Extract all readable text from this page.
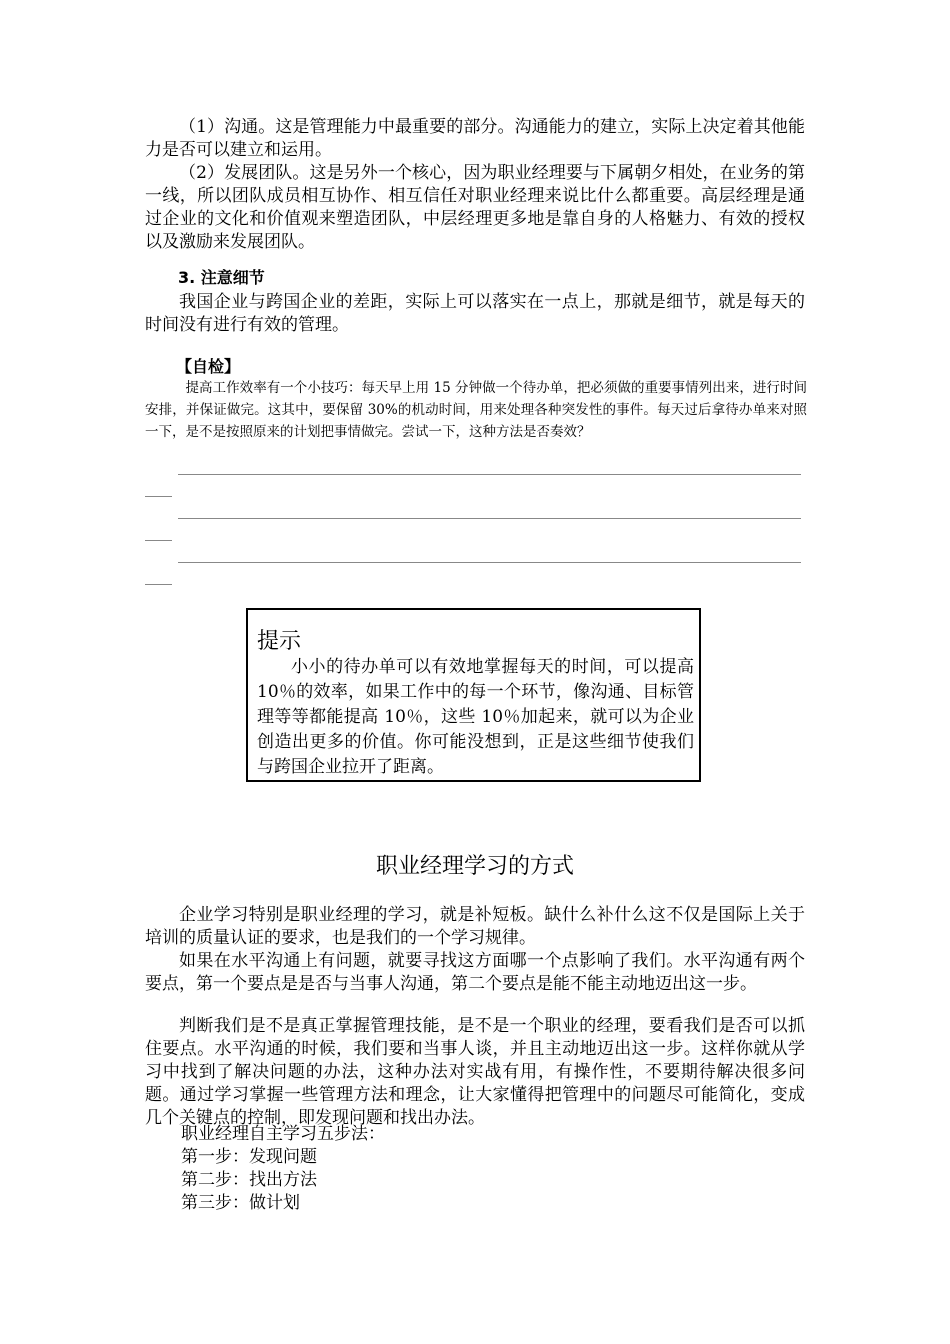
（1）沟通。这是管理能力中最重要的部分。沟通能力的建立，实际上决定着其他能力是否可以建立和运用。

（2）发展团队。这是另外一个核心，因为职业经理要与下属朝夕相处，在业务的第一线，所以团队成员相互协作、相互信任对职业经理来说比什么都重要。高层经理是通过企业的文化和价值观来塑造团队，中层经理更多地是靠自身的人格魅力、有效的授权以及激励来发展团队。

3. 注意细节

我国企业与跨国企业的差距，实际上可以落实在一点上，那就是细节，就是每天的时间没有进行有效的管理。

【自检】

提高工作效率有一个小技巧：每天早上用 15 分钟做一个待办单，把必须做的重要事情列出来，进行时间安排，并保证做完。这其中，要保留 30%的机动时间，用来处理各种突发性的事件。每天过后拿待办单来对照一下，是不是按照原来的计划把事情做完。尝试一下，这种方法是否奏效？

提示

小小的待办单可以有效地掌握每天的时间，可以提高 10％的效率，如果工作中的每一个环节，像沟通、目标管理等等都能提高 10％，这些 10％加起来，就可以为企业创造出更多的价值。你可能没想到，正是这些细节使我们与跨国企业拉开了距离。

职业经理学习的方式

企业学习特别是职业经理的学习，就是补短板。缺什么补什么这不仅是国际上关于培训的质量认证的要求，也是我们的一个学习规律。

如果在水平沟通上有问题，就要寻找这方面哪一个点影响了我们。水平沟通有两个要点，第一个要点是是否与当事人沟通，第二个要点是能不能主动地迈出这一步。

判断我们是不是真正掌握管理技能，是不是一个职业的经理，要看我们是否可以抓住要点。水平沟通的时候，我们要和当事人谈，并且主动地迈出这一步。这样你就从学习中找到了解决问题的办法，这种办法对实战有用，有操作性，不要期待解决很多问题。通过学习掌握一些管理方法和理念，让大家懂得把管理中的问题尽可能简化，变成几个关键点的控制，即发现问题和找出办法。

职业经理自主学习五步法：

第一步：发现问题

第二步：找出方法

第三步：做计划
